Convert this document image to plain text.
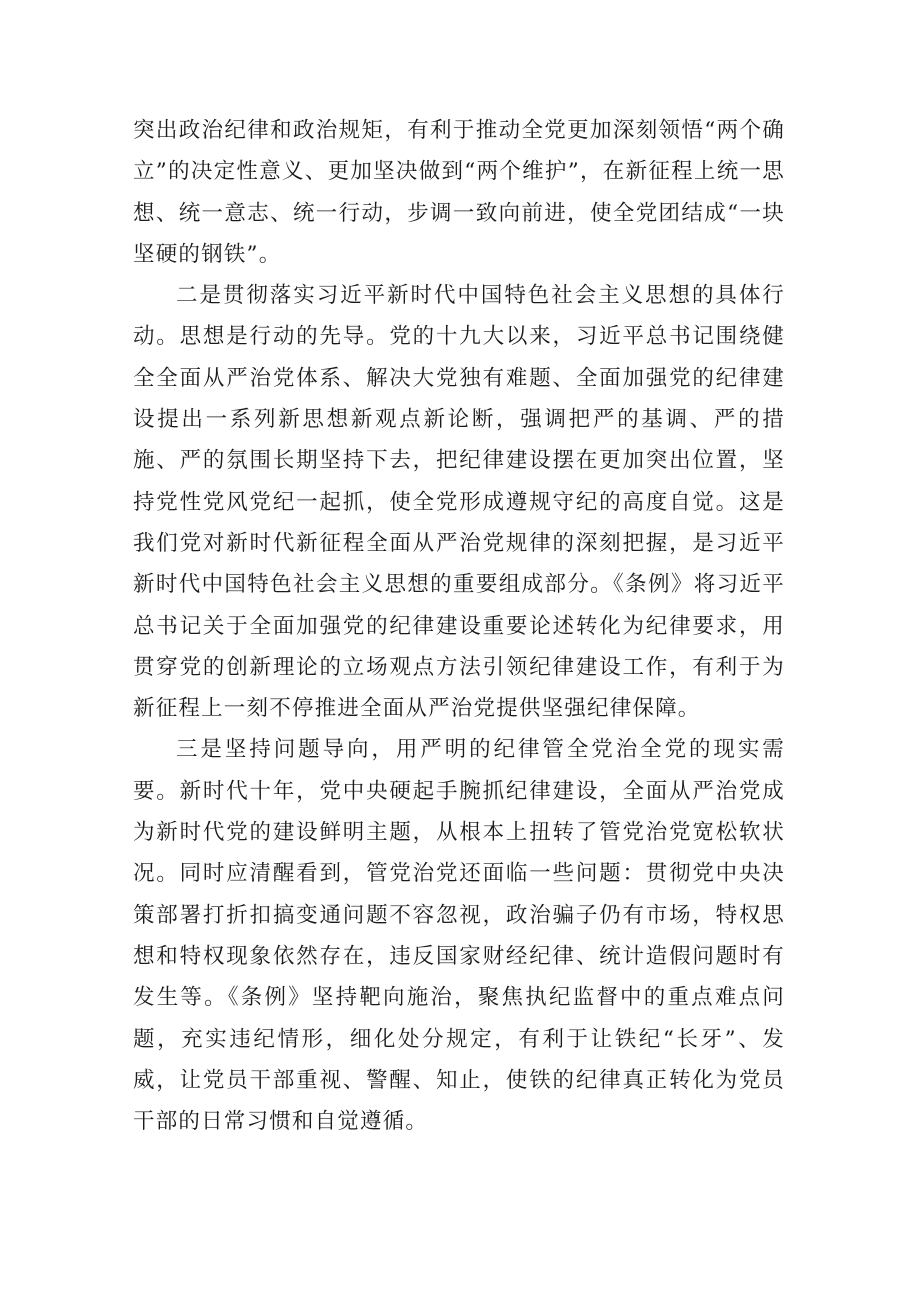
突出政治纪律和政治规矩，有利于推动全党更加深刻领悟“两个确立”的决定性意义、更加坚决做到“两个维护”，在新征程上统一思想、统一意志、统一行动，步调一致向前进，使全党团结成“一块坚硬的钢铁”。

二是贯彻落实习近平新时代中国特色社会主义思想的具体行动。思想是行动的先导。党的十九大以来，习近平总书记围绕健全全面从严治党体系、解决大党独有难题、全面加强党的纪律建设提出一系列新思想新观点新论断，强调把严的基调、严的措施、严的氛围长期坚持下去，把纪律建设摆在更加突出位置，坚持党性党风党纪一起抓，使全党形成遵规守纪的高度自觉。这是我们党对新时代新征程全面从严治党规律的深刻把握，是习近平新时代中国特色社会主义思想的重要组成部分。《条例》将习近平总书记关于全面加强党的纪律建设重要论述转化为纪律要求，用贯穿党的创新理论的立场观点方法引领纪律建设工作，有利于为新征程上一刻不停推进全面从严治党提供坚强纪律保障。

三是坚持问题导向，用严明的纪律管全党治全党的现实需要。新时代十年，党中央硬起手腕抓纪律建设，全面从严治党成为新时代党的建设鲜明主题，从根本上扭转了管党治党宽松软状况。同时应清醒看到，管党治党还面临一些问题：贯彻党中央决策部署打折扣搞变通问题不容忽视，政治骗子仍有市场，特权思想和特权现象依然存在，违反国家财经纪律、统计造假问题时有发生等。《条例》坚持靶向施治，聚焦执纪监督中的重点难点问题，充实违纪情形，细化处分规定，有利于让铁纪“长牙”、发威，让党员干部重视、警醒、知止，使铁的纪律真正转化为党员干部的日常习惯和自觉遵循。
